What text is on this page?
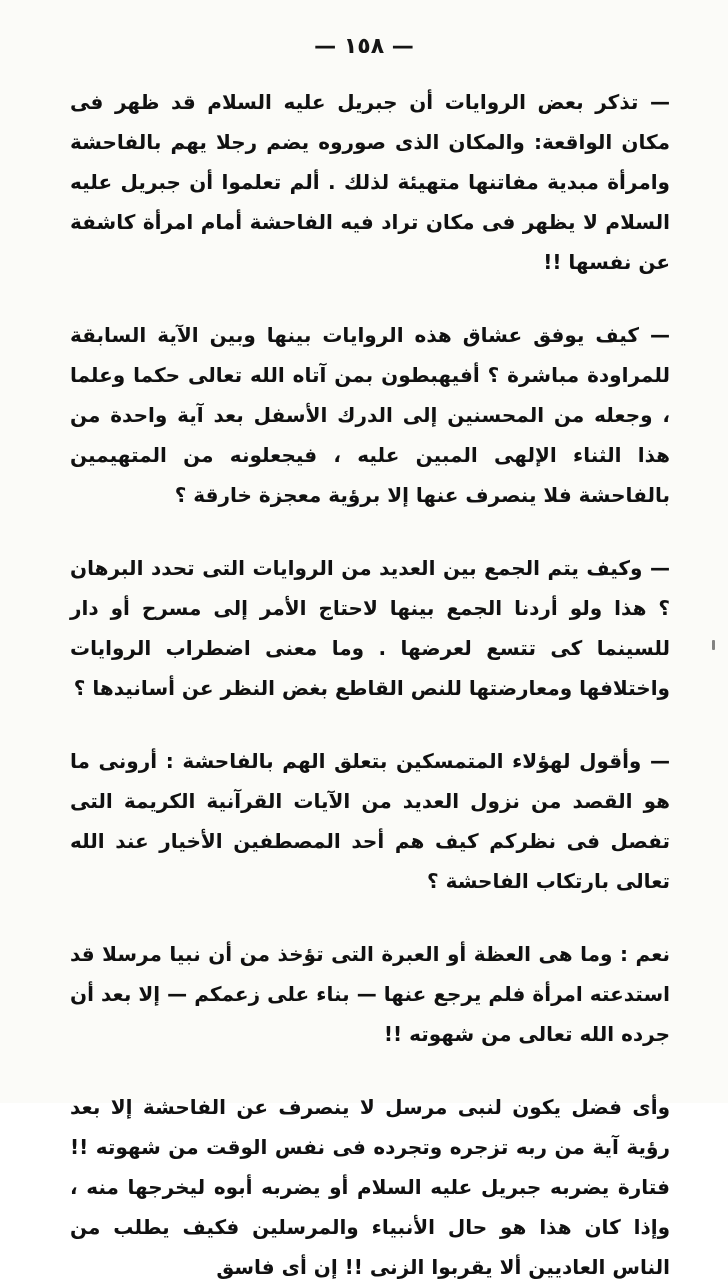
— ١٥٨ —

— تذكر بعض الروايات أن جبريل عليه السلام قد ظهر فى مكان الواقعة: والمكان الذى صوروه يضم رجلا يهم بالفاحشة وامرأة مبدية مفاتنها متهيئة لذلك . ألم تعلموا أن جبريل عليه السلام لا يظهر فى مكان تراد فيه الفاحشة أمام امرأة كاشفة عن نفسها !!

— كيف يوفق عشاق هذه الروايات بينها وبين الآية السابقة للمراودة مباشرة ؟ أفيهبطون بمن آتاه الله تعالى حكما وعلما ، وجعله من المحسنين إلى الدرك الأسفل بعد آية واحدة من هذا الثناء الإلهى المبين عليه ، فيجعلونه من المتهيمين بالفاحشة فلا ينصرف عنها إلا برؤية معجزة خارقة ؟

— وكيف يتم الجمع بين العديد من الروايات التى تحدد البرهان ؟ هذا ولو أردنا الجمع بينها لاحتاج الأمر إلى مسرح أو دار للسينما كى تتسع لعرضها . وما معنى اضطراب الروايات واختلافها ومعارضتها للنص القاطع بغض النظر عن أسانيدها ؟

— وأقول لهؤلاء المتمسكين بتعلق الهم بالفاحشة : أرونى ما هو القصد من نزول العديد من الآيات القرآنية الكريمة التى تفصل فى نظركم كيف هم أحد المصطفين الأخيار عند الله تعالى بارتكاب الفاحشة ؟

نعم : وما هى العظة أو العبرة التى تؤخذ من أن نبيا مرسلا قد استدعته امرأة فلم يرجع عنها — بناء على زعمكم — إلا بعد أن جرده الله تعالى من شهوته !!

وأى فضل يكون لنبى مرسل لا ينصرف عن الفاحشة إلا بعد رؤية آية من ربه تزجره وتجرده فى نفس الوقت من شهوته !! فتارة يضربه جبريل عليه السلام أو يضربه أبوه ليخرجها منه ، وإذا كان هذا هو حال الأنبياء والمرسلين فكيف يطلب من الناس العاديين ألا يقربوا الزنى !! إن أى فاسق
